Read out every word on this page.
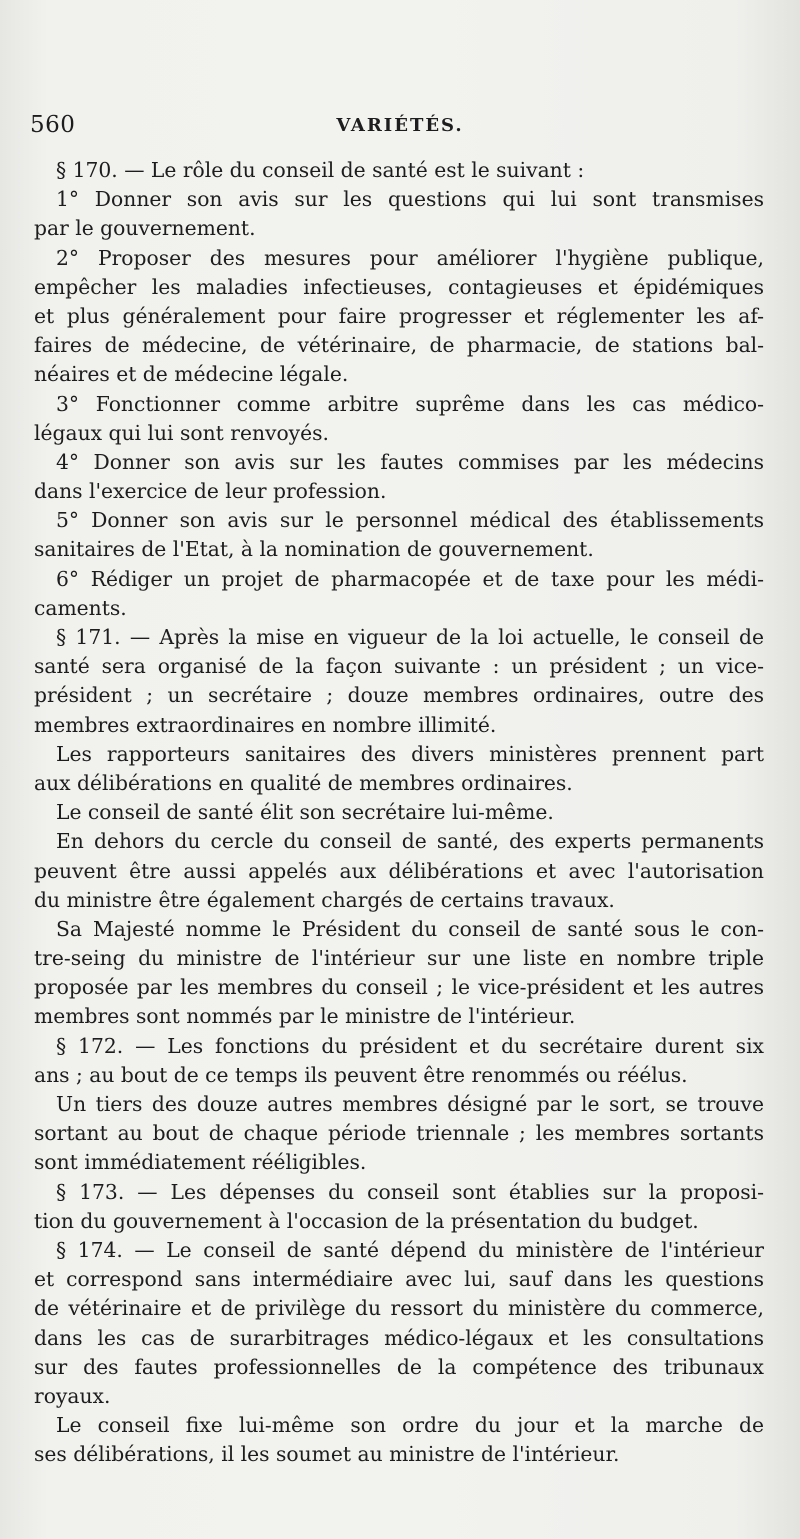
560	VARIÉTÉS.
§ 170. — Le rôle du conseil de santé est le suivant :
1° Donner son avis sur les questions qui lui sont transmises
par le gouvernement.
2° Proposer des mesures pour améliorer l'hygiène publique,
empêcher les maladies infectieuses, contagieuses et épidémiques
et plus généralement pour faire progresser et réglementer les af-
faires de médecine, de vétérinaire, de pharmacie, de stations bal-
néaires et de médecine légale.
3° Fonctionner comme arbitre suprême dans les cas médico-
légaux qui lui sont renvoyés.
4° Donner son avis sur les fautes commises par les médecins
dans l'exercice de leur profession.
5° Donner son avis sur le personnel médical des établissements
sanitaires de l'Etat, à la nomination de gouvernement.
6° Rédiger un projet de pharmacopée et de taxe pour les médi-
caments.
§ 171. — Après la mise en vigueur de la loi actuelle, le conseil de
santé sera organisé de la façon suivante : un président ; un vice-
président ; un secrétaire ; douze membres ordinaires, outre des
membres extraordinaires en nombre illimité.
Les rapporteurs sanitaires des divers ministères prennent part
aux délibérations en qualité de membres ordinaires.
Le conseil de santé élit son secrétaire lui-même.
En dehors du cercle du conseil de santé, des experts permanents
peuvent être aussi appelés aux délibérations et avec l'autorisation
du ministre être également chargés de certains travaux.
Sa Majesté nomme le Président du conseil de santé sous le con-
tre-seing du ministre de l'intérieur sur une liste en nombre triple
proposée par les membres du conseil ; le vice-président et les autres
membres sont nommés par le ministre de l'intérieur.
§ 172. — Les fonctions du président et du secrétaire durent six
ans ; au bout de ce temps ils peuvent être renommés ou réélus.
Un tiers des douze autres membres désigné par le sort, se trouve
sortant au bout de chaque période triennale ; les membres sortants
sont immédiatement rééligibles.
§ 173. — Les dépenses du conseil sont établies sur la proposi-
tion du gouvernement à l'occasion de la présentation du budget.
§ 174. — Le conseil de santé dépend du ministère de l'intérieur
et correspond sans intermédiaire avec lui, sauf dans les questions
de vétérinaire et de privilège du ressort du ministère du commerce,
dans les cas de surarbitrages médico-légaux et les consultations
sur des fautes professionnelles de la compétence des tribunaux
royaux.
Le conseil fixe lui-même son ordre du jour et la marche de
ses délibérations, il les soumet au ministre de l'intérieur.
